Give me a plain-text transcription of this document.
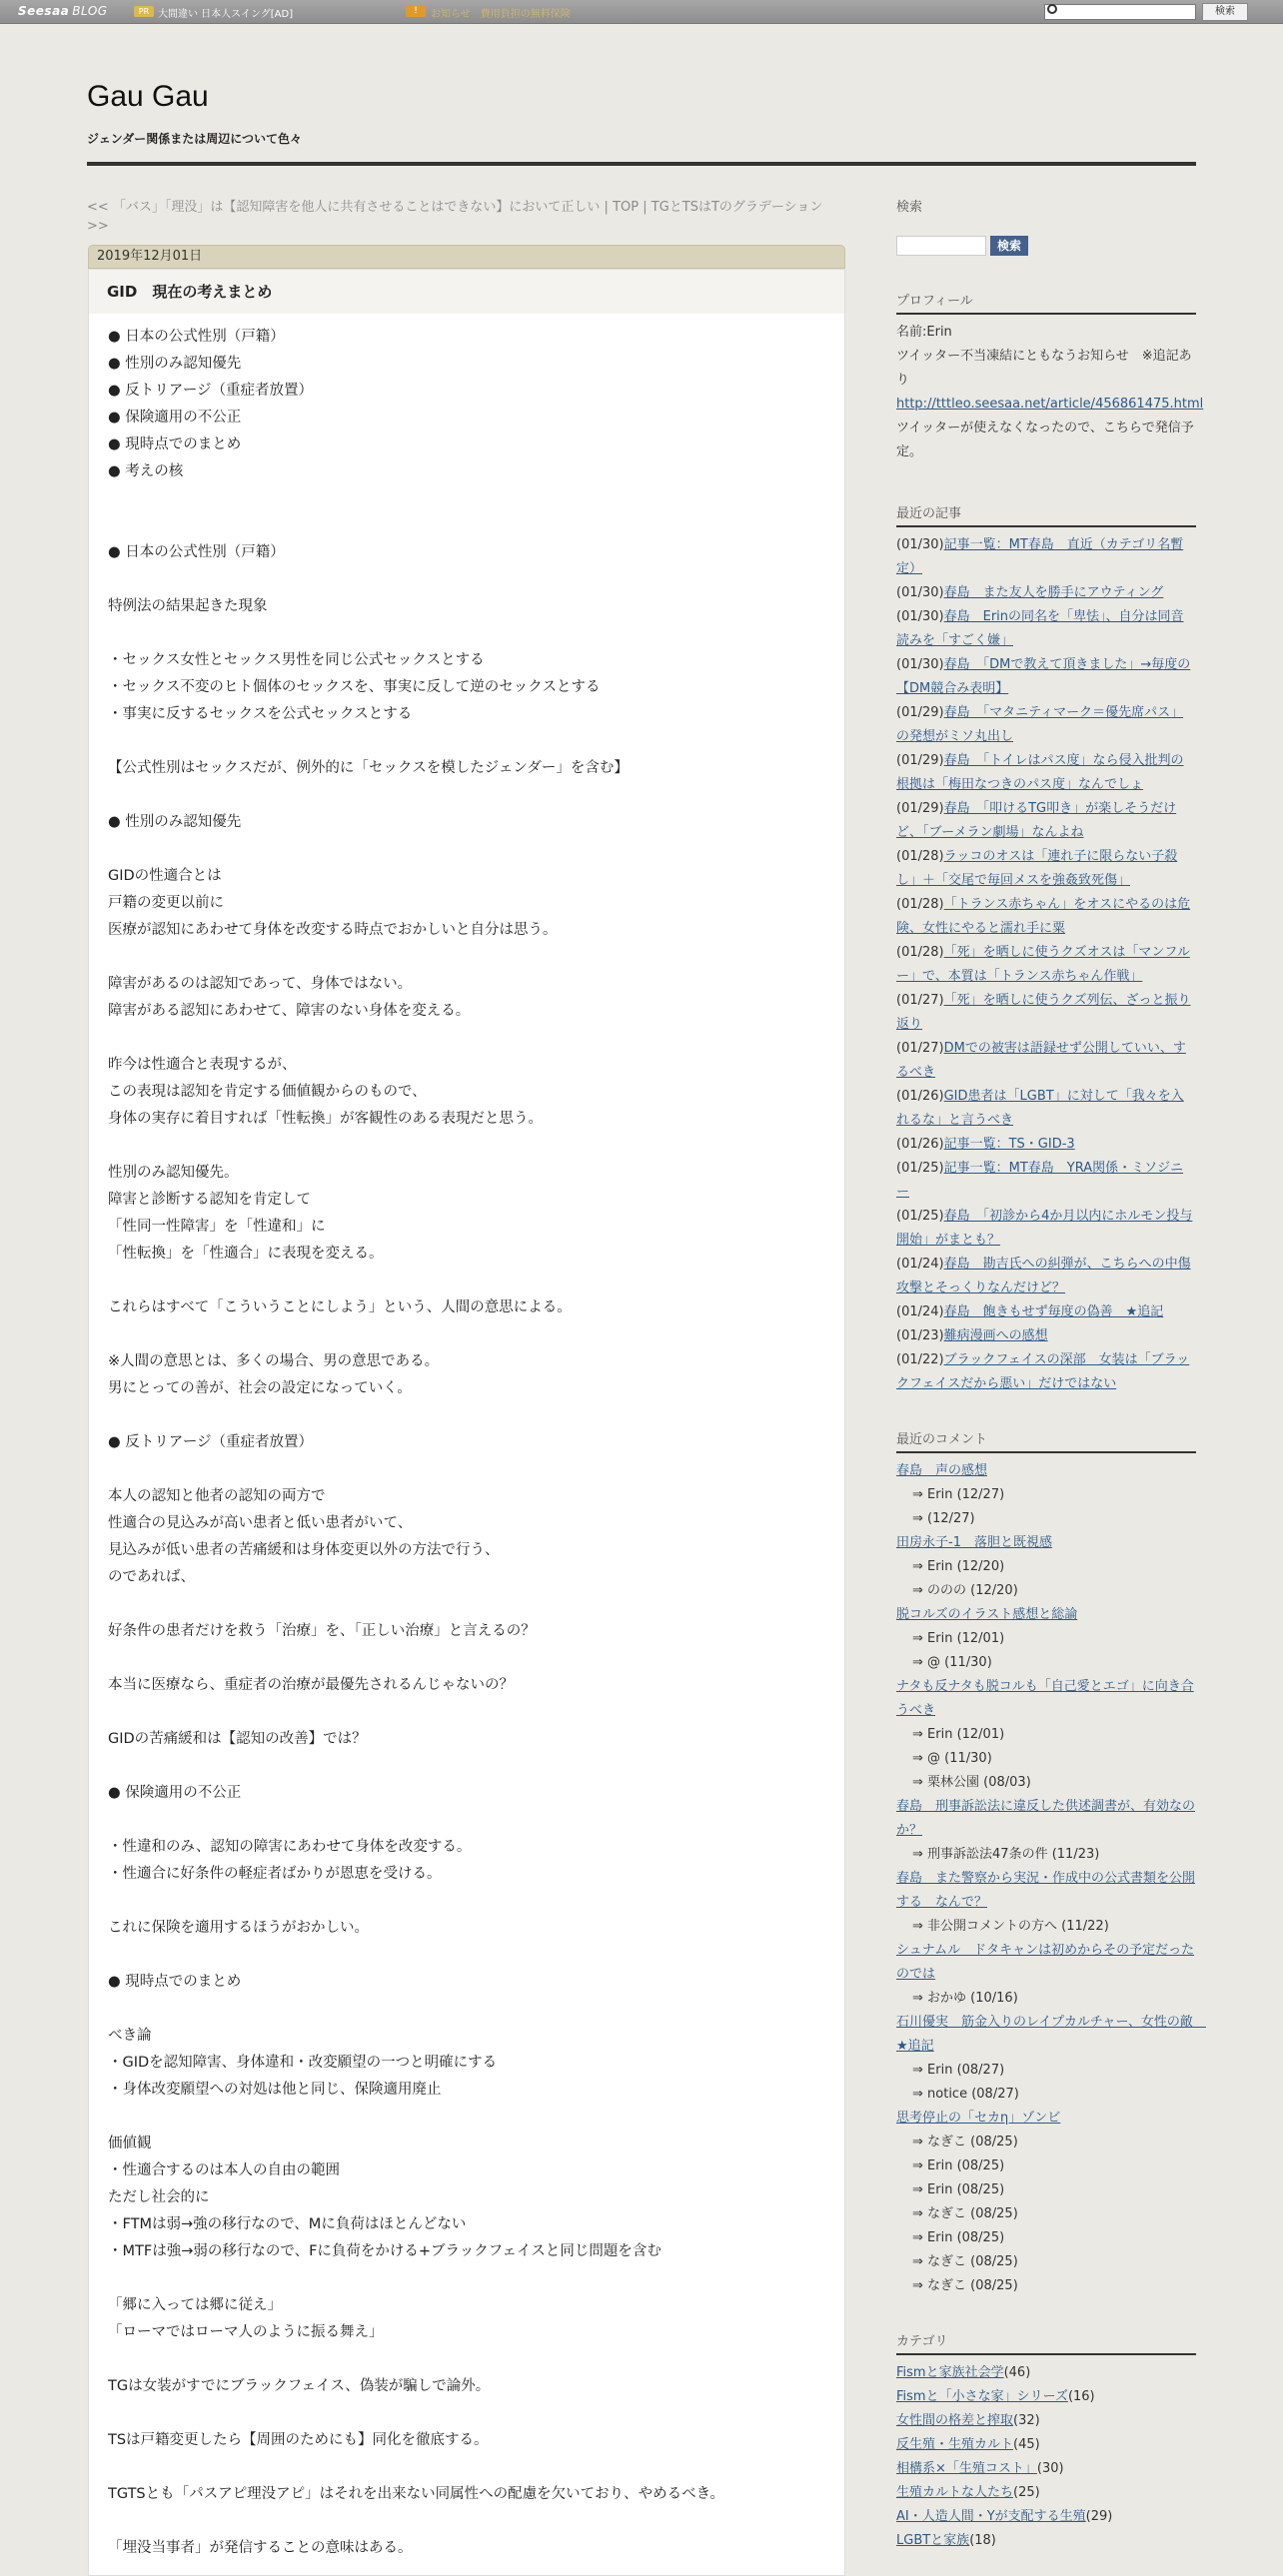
Seesaa BLOG	PR 大間違い 日本人スイング[AD]	!	お知らせ　費用負担の無料保険	検索
Gau Gau
ジェンダー関係または周辺について色々
<< 「バス」「理没」は【認知障害を他人に共有させることはできない】において正しい | TOP | TGとTSはTのグラデーション >>
2019年12月01日
GID　現在の考えまとめ
● 日本の公式性別（戸籍）
● 性別のみ認知優先
● 反トリアージ（重症者放置）
● 保険適用の不公正
● 現時点でのまとめ
● 考えの核
● 日本の公式性別（戸籍）
特例法の結果起きた現象
・セックス女性とセックス男性を同じ公式セックスとする
・セックス不変のヒト個体のセックスを、事実に反して逆のセックスとする
・事実に反するセックスを公式セックスとする
【公式性別はセックスだが、例外的に「セックスを模したジェンダー」を含む】
● 性別のみ認知優先
GIDの性適合とは
戸籍の変更以前に
医療が認知にあわせて身体を改変する時点でおかしいと自分は思う。
障害があるのは認知であって、身体ではない。
障害がある認知にあわせて、障害のない身体を変える。
昨今は性適合と表現するが、
この表現は認知を肯定する価値観からのもので、
身体の実存に着目すれば「性転換」が客観性のある表現だと思う。
性別のみ認知優先。
障害と診断する認知を肯定して
「性同一性障害」を「性違和」に
「性転換」を「性適合」に表現を変える。
これらはすべて「こういうことにしよう」という、人間の意思による。
※人間の意思とは、多くの場合、男の意思である。
男にとっての善が、社会の設定になっていく。
● 反トリアージ（重症者放置）
本人の認知と他者の認知の両方で
性適合の見込みが高い患者と低い患者がいて、
見込みが低い患者の苦痛緩和は身体変更以外の方法で行う、
のであれば、
好条件の患者だけを救う「治療」を、「正しい治療」と言えるの？
本当に医療なら、重症者の治療が最優先されるんじゃないの？
GIDの苦痛緩和は【認知の改善】では？
● 保険適用の不公正
・性違和のみ、認知の障害にあわせて身体を改変する。
・性適合に好条件の軽症者ばかりが恩恵を受ける。
これに保険を適用するほうがおかしい。
● 現時点でのまとめ
べき論
・GIDを認知障害、身体違和・改変願望の一つと明確にする
・身体改変願望への対処は他と同じ、保険適用廃止
価値観
・性適合するのは本人の自由の範囲
ただし社会的に
・FTMは弱→強の移行なので、Mに負荷はほとんどない
・MTFは強→弱の移行なので、Fに負荷をかける+ブラックフェイスと同じ問題を含む
「郷に入っては郷に従え」
「ローマではローマ人のように振る舞え」
TGは女装がすでにブラックフェイス、偽装が騙しで論外。
TSは戸籍変更したら【周囲のためにも】同化を徹底する。
TGTSとも「パスアピ理没アピ」はそれを出来ない同属性への配慮を欠いており、やめるべき。
「埋没当事者」が発信することの意味はある。
検索
検索
プロフィール
名前:Erin
ツイッター不当凍結にともなうお知らせ　※追記あり
http://tttleo.seesaa.net/article/456861475.html
ツイッターが使えなくなったので、こちらで発信予定。
最近の記事
(01/30)記事一覧：MT春島　直近（カテゴリ名暫定）
(01/30)春島　また友人を勝手にアウティング
(01/30)春島　Erinの同名を「卑怯」、自分は同音読みを「すごく嫌」
(01/30)春島　「DMで教えて頂きました」→毎度の【DM競合み表明】
(01/29)春島　「マタニティマーク＝優先席パス」の発想がミソ丸出し
(01/29)春島　「トイレはパス度」なら侵入批判の根拠は「梅田なつきのパス度」なんでしょ
(01/29)春島　「叩けるTG叩き」が楽しそうだけど、「ブーメラン劇場」なんよね
(01/28)ラッコのオスは「連れ子に限らない子殺し」＋「交尾で毎回メスを強姦致死傷」
(01/28)「トランス赤ちゃん」をオスにやるのは危険、女性にやると濡れ手に粟
(01/28)「死」を晒しに使うクズオスは「マンフルー」で、本質は「トランス赤ちゃん作戦」
(01/27)「死」を晒しに使うクズ列伝、ざっと振り返り
(01/27)DMでの被害は語録せず公開していい、するべき
(01/26)GID患者は「LGBT」に対して「我々を入れるな」と言うべき
(01/26)記事一覧：TS・GID-3
(01/25)記事一覧：MT春島　YRA関係・ミソジニー
(01/25)春島　「初診から4か月以内にホルモン投与開始」がまとも？
(01/24)春島　勘吉氏への糾弾が、こちらへの中傷攻撃とそっくりなんだけど？
(01/24)春島　飽きもせず毎度の偽善　★追記
(01/23)難病漫画への感想
(01/22)ブラックフェイスの深部　女装は「ブラックフェイスだから悪い」だけではない
最近のコメント
春島　声の感想
⇒ Erin (12/27)
⇒ (12/27)
田房永子-1　落胆と既視感
⇒ Erin (12/20)
⇒ ののの (12/20)
脱コルズのイラスト感想と総論
⇒ Erin (12/01)
⇒ @ (11/30)
ナタも反ナタも脱コルも「自己愛とエゴ」に向き合うべき
⇒ Erin (12/01)
⇒ @ (11/30)
⇒ 栗林公園 (08/03)
春島　刑事訴訟法に違反した供述調書が、有効なのか？
⇒ 刑事訴訟法47条の件 (11/23)
春島　また警察から実況・作成中の公式書類を公開する　なんで？
⇒ 非公開コメントの方へ (11/22)
シュナムル　ドタキャンは初めからその予定だったのでは
⇒ おかゆ (10/16)
石川優実　筋金入りのレイプカルチャー、女性の敵　★追記
⇒ Erin (08/27)
⇒ notice (08/27)
思考停止の「セカη」ゾンビ
⇒ なぎこ (08/25)
⇒ Erin (08/25)
⇒ Erin (08/25)
⇒ なぎこ (08/25)
⇒ Erin (08/25)
⇒ なぎこ (08/25)
⇒ なぎこ (08/25)
カテゴリ
Fismと家族社会学(46)
Fismと「小さな家」シリーズ(16)
女性間の格差と搾取(32)
反生殖・生殖カルト(45)
相構系×「生殖コスト」(30)
生殖カルトな人たち(25)
AI・人造人間・Yが支配する生殖(29)
LGBTと家族(18)
